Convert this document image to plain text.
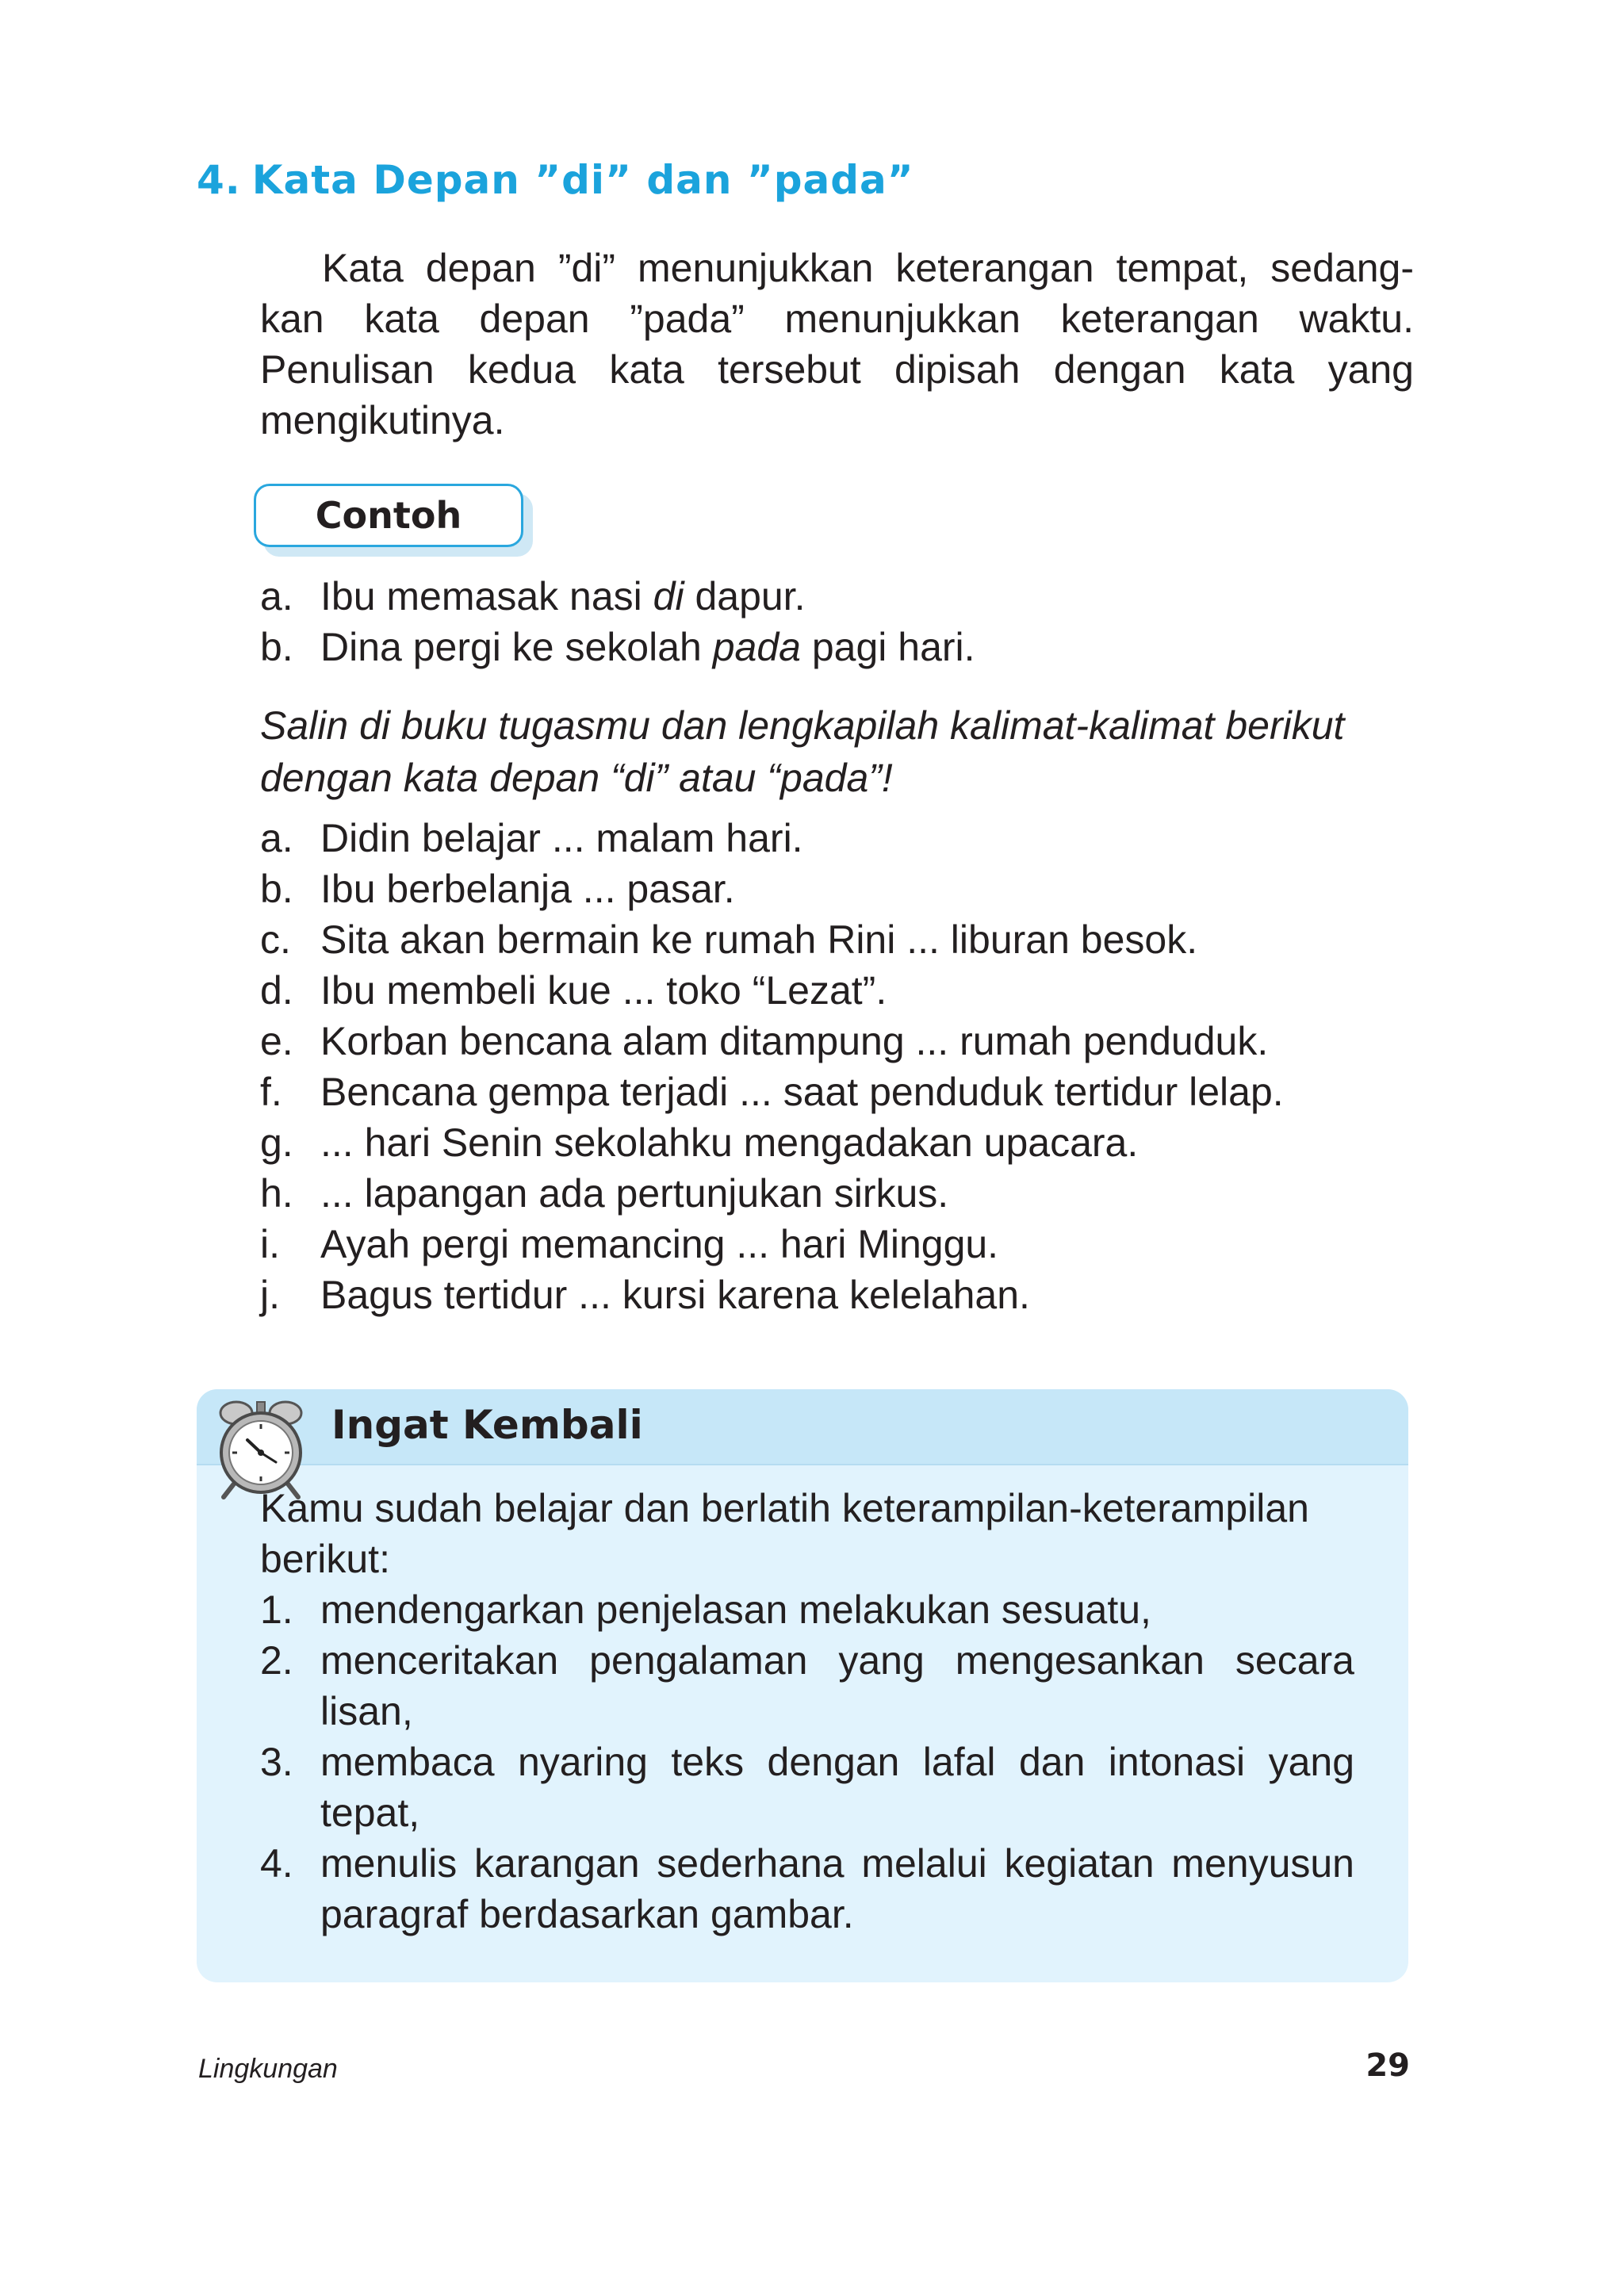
4. Kata Depan ”di” dan ”pada”

Kata depan ”di” menunjukkan keterangan tempat, sedang-
kan kata depan ”pada” menunjukkan keterangan waktu. Penulisan kedua kata tersebut dipisah dengan kata yang mengikutinya.

Contoh
a. Ibu memasak nasi di dapur.
b. Dina pergi ke sekolah pada pagi hari.

Salin di buku tugasmu dan lengkapilah kalimat-kalimat berikut dengan kata depan “di” atau “pada”!

a. Didin belajar ... malam hari.
b. Ibu berbelanja ... pasar.
c. Sita akan bermain ke rumah Rini ... liburan besok.
d. Ibu membeli kue ... toko “Lezat”.
e. Korban bencana alam ditampung ... rumah penduduk.
f. Bencana gempa terjadi ... saat penduduk tertidur lelap.
g. ... hari Senin sekolahku mengadakan upacara.
h. ... lapangan ada pertunjukan sirkus.
i. Ayah pergi memancing ... hari Minggu.
j. Bagus tertidur ... kursi karena kelelahan.
Ingat Kembali

Kamu sudah belajar dan berlatih keterampilan-keterampilan berikut:

1. mendengarkan penjelasan melakukan sesuatu,
2. menceritakan pengalaman yang mengesankan secara lisan,
3. membaca nyaring teks dengan lafal dan intonasi yang tepat,
4. menulis karangan sederhana melalui kegiatan menyusun paragraf berdasarkan gambar.
Lingkungan	29
